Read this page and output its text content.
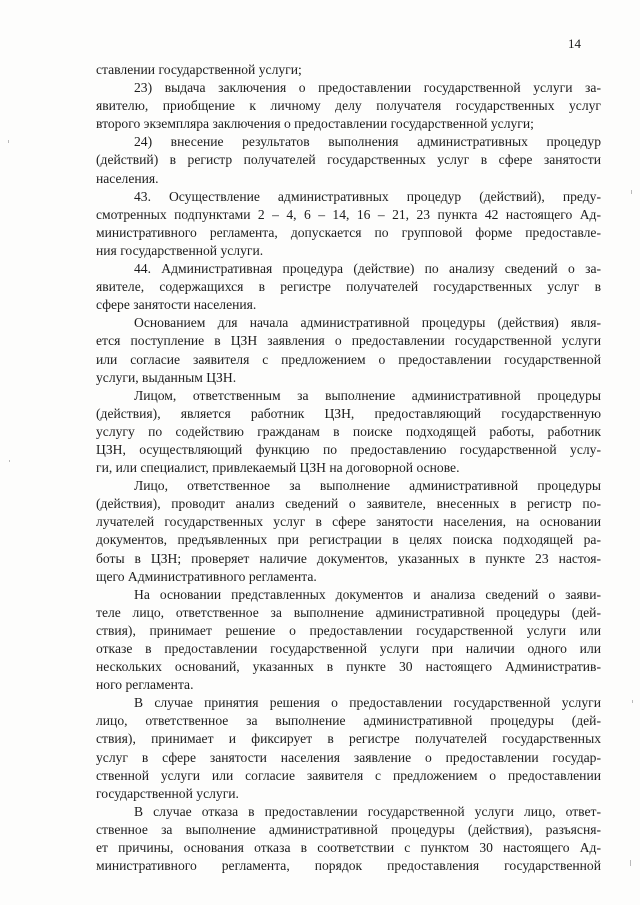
14
ставлении государственной услуги;
23) выдача заключения о предоставлении государственной услуги за-
явителю, приобщение к личному делу получателя государственных услуг
второго экземпляра заключения о предоставлении государственной услуги;
24) внесение результатов выполнения административных процедур
(действий) в регистр получателей государственных услуг в сфере занятости
населения.
43. Осуществление административных процедур (действий), преду-
смотренных подпунктами 2 – 4, 6 – 14, 16 – 21, 23 пункта 42 настоящего Ад-
министративного регламента, допускается по групповой форме предоставле-
ния государственной услуги.
44. Административная процедура (действие) по анализу сведений о за-
явителе, содержащихся в регистре получателей государственных услуг в
сфере занятости населения.
Основанием для начала административной процедуры (действия) явля-
ется поступление в ЦЗН заявления о предоставлении государственной услуги
или согласие заявителя с предложением о предоставлении государственной
услуги, выданным ЦЗН.
Лицом, ответственным за выполнение административной процедуры
(действия), является работник ЦЗН, предоставляющий государственную
услугу по содействию гражданам в поиске подходящей работы, работник
ЦЗН, осуществляющий функцию по предоставлению государственной услу-
ги, или специалист, привлекаемый ЦЗН на договорной основе.
Лицо, ответственное за выполнение административной процедуры
(действия), проводит анализ сведений о заявителе, внесенных в регистр по-
лучателей государственных услуг в сфере занятости населения, на основании
документов, предъявленных при регистрации в целях поиска подходящей ра-
боты в ЦЗН; проверяет наличие документов, указанных в пункте 23 настоя-
щего Административного регламента.
На основании представленных документов и анализа сведений о заяви-
теле лицо, ответственное за выполнение административной процедуры (дей-
ствия), принимает решение о предоставлении государственной услуги или
отказе в предоставлении государственной услуги при наличии одного или
нескольких оснований, указанных в пункте 30 настоящего Административ-
ного регламента.
В случае принятия решения о предоставлении государственной услуги
лицо, ответственное за выполнение административной процедуры (дей-
ствия), принимает и фиксирует в регистре получателей государственных
услуг в сфере занятости населения заявление о предоставлении государ-
ственной услуги или согласие заявителя с предложением о предоставлении
государственной услуги.
В случае отказа в предоставлении государственной услуги лицо, ответ-
ственное за выполнение административной процедуры (действия), разъясня-
ет причины, основания отказа в соответствии с пунктом 30 настоящего Ад-
министративного регламента, порядок предоставления государственной
